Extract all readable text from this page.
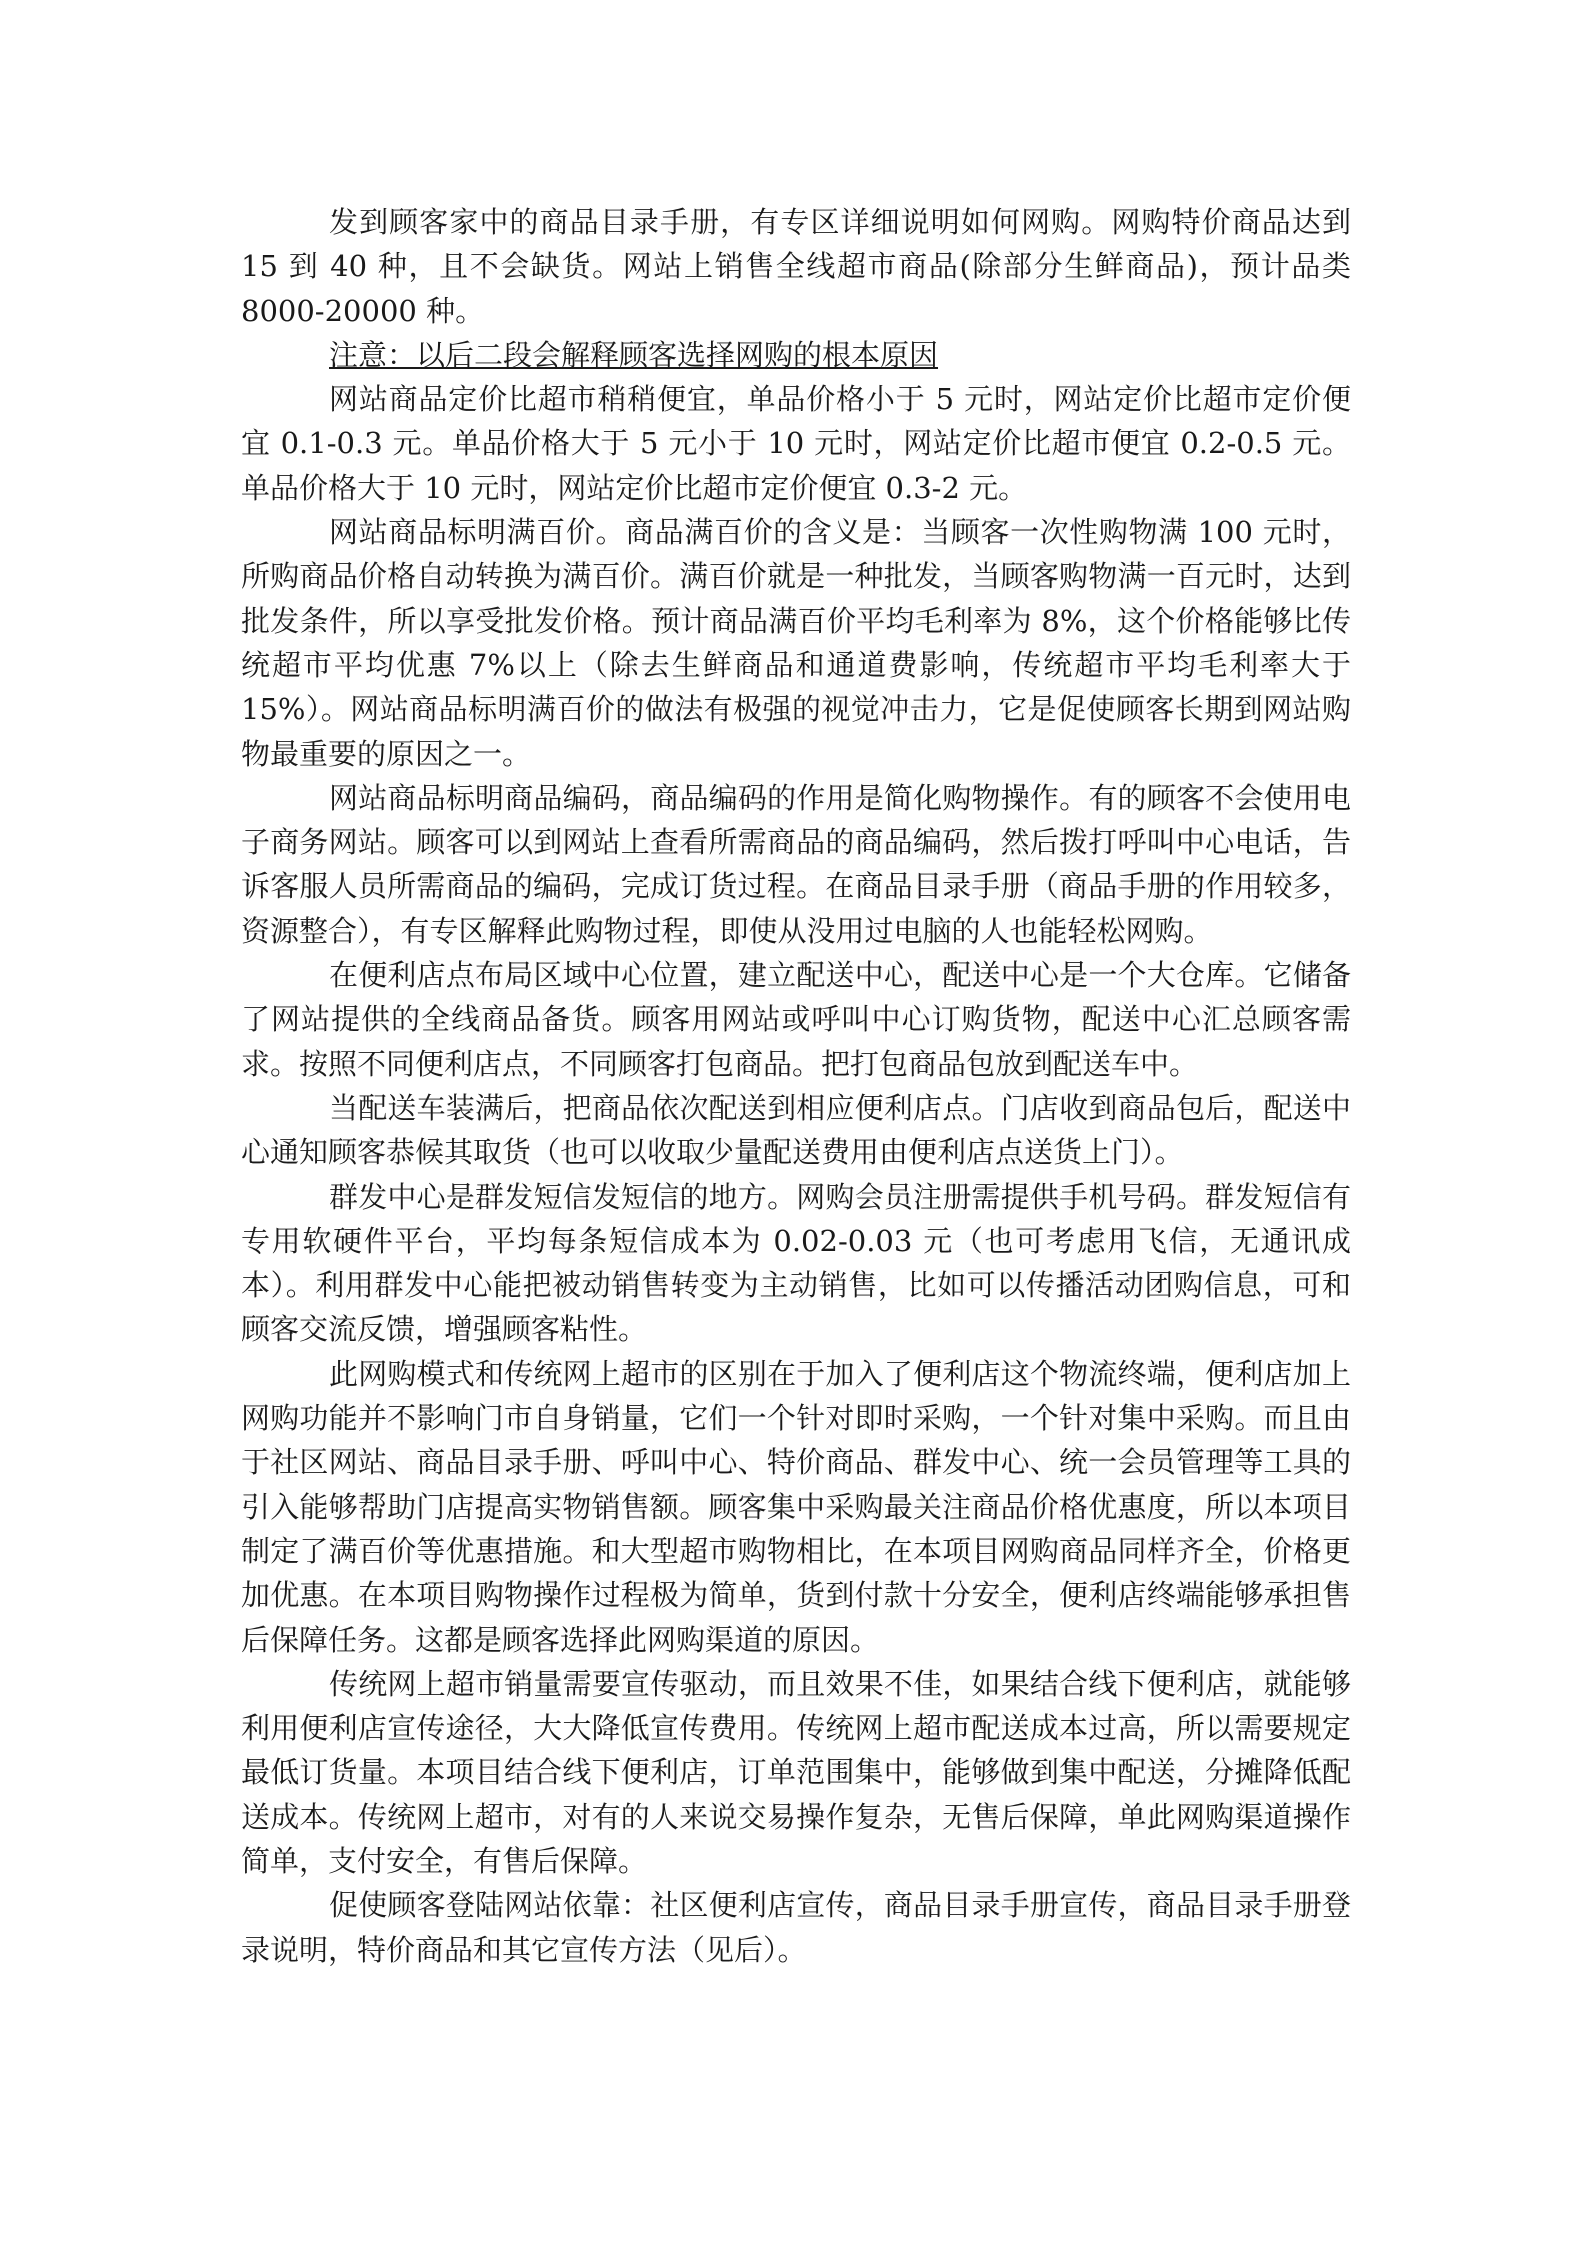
发到顾客家中的商品目录手册，有专区详细说明如何网购。网购特价商品达到 15 到 40 种，且不会缺货。网站上销售全线超市商品(除部分生鲜商品)，预计品类 8000-20000 种。

注意：以后二段会解释顾客选择网购的根本原因

网站商品定价比超市稍稍便宜，单品价格小于 5 元时，网站定价比超市定价便宜 0.1-0.3 元。单品价格大于 5 元小于 10 元时，网站定价比超市便宜 0.2-0.5 元。单品价格大于 10 元时，网站定价比超市定价便宜 0.3-2 元。

网站商品标明满百价。商品满百价的含义是：当顾客一次性购物满 100 元时，所购商品价格自动转换为满百价。满百价就是一种批发，当顾客购物满一百元时，达到批发条件，所以享受批发价格。预计商品满百价平均毛利率为 8%，这个价格能够比传统超市平均优惠 7%以上（除去生鲜商品和通道费影响，传统超市平均毛利率大于 15%）。网站商品标明满百价的做法有极强的视觉冲击力，它是促使顾客长期到网站购物最重要的原因之一。

网站商品标明商品编码，商品编码的作用是简化购物操作。有的顾客不会使用电子商务网站。顾客可以到网站上查看所需商品的商品编码，然后拨打呼叫中心电话，告诉客服人员所需商品的编码，完成订货过程。在商品目录手册（商品手册的作用较多，资源整合），有专区解释此购物过程，即使从没用过电脑的人也能轻松网购。

在便利店点布局区域中心位置，建立配送中心，配送中心是一个大仓库。它储备了网站提供的全线商品备货。顾客用网站或呼叫中心订购货物，配送中心汇总顾客需求。按照不同便利店点，不同顾客打包商品。把打包商品包放到配送车中。

当配送车装满后，把商品依次配送到相应便利店点。门店收到商品包后，配送中心通知顾客恭候其取货（也可以收取少量配送费用由便利店点送货上门）。

群发中心是群发短信发短信的地方。网购会员注册需提供手机号码。群发短信有专用软硬件平台，平均每条短信成本为 0.02-0.03 元（也可考虑用飞信，无通讯成本）。利用群发中心能把被动销售转变为主动销售，比如可以传播活动团购信息，可和顾客交流反馈，增强顾客粘性。

此网购模式和传统网上超市的区别在于加入了便利店这个物流终端，便利店加上网购功能并不影响门市自身销量，它们一个针对即时采购，一个针对集中采购。而且由于社区网站、商品目录手册、呼叫中心、特价商品、群发中心、统一会员管理等工具的引入能够帮助门店提高实物销售额。顾客集中采购最关注商品价格优惠度，所以本项目制定了满百价等优惠措施。和大型超市购物相比，在本项目网购商品同样齐全，价格更加优惠。在本项目购物操作过程极为简单，货到付款十分安全，便利店终端能够承担售后保障任务。这都是顾客选择此网购渠道的原因。

传统网上超市销量需要宣传驱动，而且效果不佳，如果结合线下便利店，就能够利用便利店宣传途径，大大降低宣传费用。传统网上超市配送成本过高，所以需要规定最低订货量。本项目结合线下便利店，订单范围集中，能够做到集中配送，分摊降低配送成本。传统网上超市，对有的人来说交易操作复杂，无售后保障，单此网购渠道操作简单，支付安全，有售后保障。

促使顾客登陆网站依靠：社区便利店宣传，商品目录手册宣传，商品目录手册登录说明，特价商品和其它宣传方法（见后）。
